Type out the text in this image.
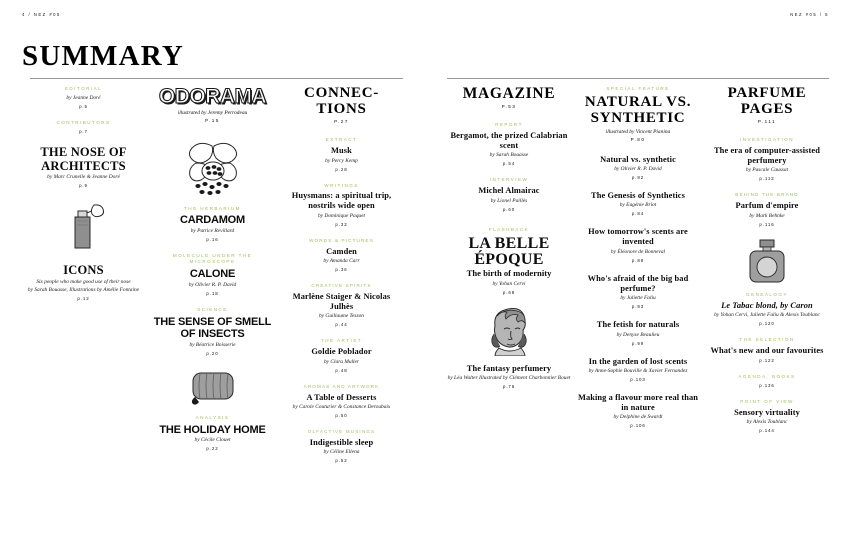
4 / NEZ #05
SUMMARY
EDITORIAL
by Jeanne Doré
p.5
CONTRIBUTORS
p.7
THE NOSE OF ARCHITECTS
by Marc Crunelle & Jeanne Doré
p.9
ICONS
Six people who make good use of their nose
by Sarah Bouasse, Illustrations by Amélie Fontaine
p.12
ODORAMA
illustrated by Jeremy Perrodeau
P.15
THE HERBARIUM
CARDAMOM
by Patrice Revillard
p.16
MOLECULE UNDER THE MICROSCOPE
CALONE
by Olivier R. P. David
p.18
SCIENCE
THE SENSE OF SMELL OF INSECTS
by Béatrice Boisserie
p.20
ANALYSIS
THE HOLIDAY HOME
by Cécile Clouet
p.22
CONNEC- TIONS
P.27
EXTRACT
Musk
by Percy Kemp
p.28
WRITINGS
Huysmans: a spiritual trip, nostrils wide open
by Dominique Paquet
p.32
WORDS & PICTURES
Camden
by Amanda Carr
p.36
CREATIVE SPIRITS
Marlène Staiger & Nicolas Julhès
by Guillaume Tesson
p.44
THE ARTIST
Goldie Poblador
by Clara Muller
p.48
AROMAS AND ARTWORK
A Table of Desserts
by Carole Couturier & Constance Deroubaix
p.50
OLFACTIVE MUSINGS
Indigestible sleep
by Céline Ellena
p.52
NEZ #05 / 5
MAGAZINE
P.53
REPORT
Bergamot, the prized Calabrian scent
by Sarah Bouasse
p.54
INTERVIEW
Michel Almairac
by Lionel Paillès
p.60
FLASHBACK
LA BELLE ÉPOQUE
The birth of modernity
by Yohan Cervi
p.68
The fantasy perfumery
by Léa Walter Illustrated by Clément Charbonnier Bouet
p.76
SPECIAL FEATURE
NATURAL VS. SYNTHETIC
illustrated by Vincent Pianina
P.80
Natural vs. synthetic
by Olivier R. P. David
p.82
The Genesis of Synthetics
by Eugénie Briot
p.84
How tomorrow's scents are invented
by Éléonore de Bonneval
p.88
Who's afraid of the big bad perfume?
by Juliette Faliu
p.93
The fetish for naturals
by Denyse Beaulieu
p.99
In the garden of lost scents
by Anne-Sophie Bouville & Xavier Fernandez
p.103
Making a flavour more real than in nature
by Delphine de Swardt
p.106
PARFUME PAGES
P.111
INVESTIGATION
The era of computer-assisted perfumery
by Pascale Caussat
p.112
BEHIND THE BRAND
Parfum d'empire
by Mark Behnke
p.116
GENEALOGY
Le Tabac blond, by Caron
by Yohan Cervi, Juliette Faliu & Alexis Toublanc
p.120
THE SELECTION
What's new and our favourites
p.122
AGENDA, BOOKS
p.136
POINT OF VIEW
Sensory virtuality
by Alexis Toublanc
p.144
